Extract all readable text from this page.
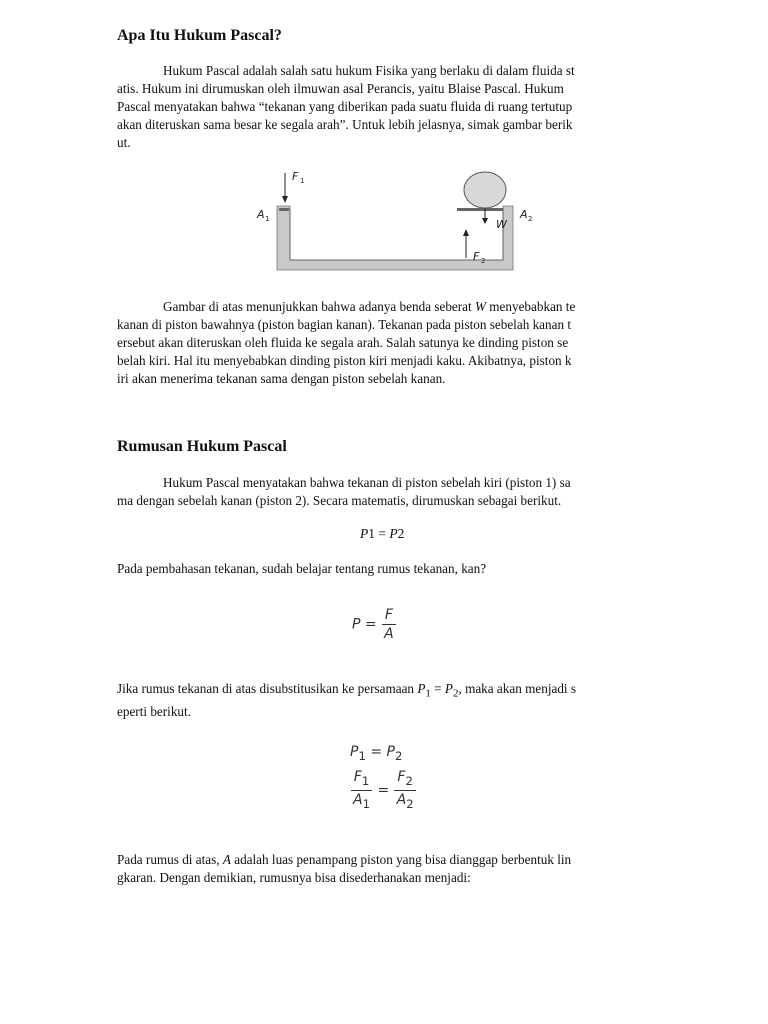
Apa Itu Hukum Pascal?
Hukum Pascal adalah salah satu hukum Fisika yang berlaku di dalam fluida st
atis. Hukum ini dirumuskan oleh ilmuwan asal Perancis, yaitu Blaise Pascal. Hukum
Pascal menyatakan bahwa “tekanan yang diberikan pada suatu fluida di ruang tertutup
akan diteruskan sama besar ke segala arah”. Untuk lebih jelasnya, simak gambar berik
ut.
F 1
A 1	W
A 2
F 2
Gambar di atas menunjukkan bahwa adanya benda seberat W menyebabkan te
kanan di piston bawahnya (piston bagian kanan). Tekanan pada piston sebelah kanan t
ersebut akan diteruskan oleh fluida ke segala arah. Salah satunya ke dinding piston se
belah kiri. Hal itu menyebabkan dinding piston kiri menjadi kaku. Akibatnya, piston k
iri akan menerima tekanan sama dengan piston sebelah kanan.
Rumusan Hukum Pascal
Hukum Pascal menyatakan bahwa tekanan di piston sebelah kiri (piston 1) sa
ma dengan sebelah kanan (piston 2). Secara matematis, dirumuskan sebagai berikut.
P1 = P2
Pada pembahasan tekanan, sudah belajar tentang rumus tekanan, kan?
$P = \frac{F}{A}$
Jika rumus tekanan di atas disubstitusikan ke persamaan $P_1 = P_2$, maka akan menjadi s
eperti berikut.
$P_1 = P_2$
$\frac{F_1}{A_1} = \frac{F_2}{A_2}$
Pada rumus di atas, A adalah luas penampang piston yang bisa dianggap berbentuk lin
gkaran. Dengan demikian, rumusnya bisa disederhanakan menjadi:
